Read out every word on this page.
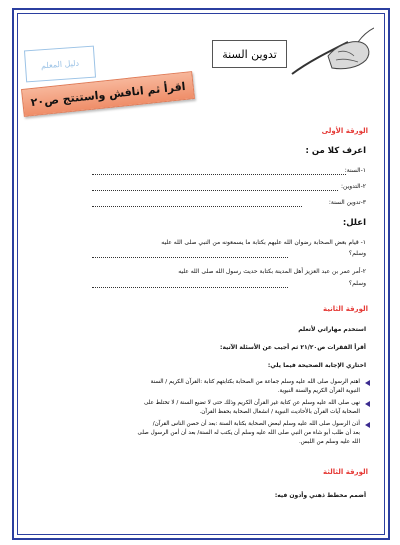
تدوين السنة
دليل المعلم
اقرأ ثم انافش واستنتج ص٢٠
الورقة الأولى
اعرف كلا من :
١-السنة:
٢-التدوين:
٣-تدوين السنة:
اعلل:
١- قيام بعض الصحابة رضوان الله عليهم بكتابة ما يسمعونه من النبي صلى الله عليه
وسلم؟
٢-أمر عمر بن عبد العزيز أهل المدينة بكتابة حديث رسول الله صلى الله عليه
وسلم؟
الورقة الثانية
استخدم مهاراتي لأتعلم
أقرأ الفقرات ص٢١/٢٠ ثم أجيب عن الأسئلة الآتية:
اختاري الإجابة الصحيحة فيما يلي:
اهتم الرسول صلى الله عليه وسلم جماعة من الصحابة بكتابتهم كتابة :القرآن الكريم / السنة
النبوية القرآن الكريم والسنة النبوية.
نهى صلى الله عليه وسلم عن كتابة غير القرآن الكريم وذلك حتى لا تضيع السنة / لا تختلط على
الصحابة آيات القرآن بالأحاديث النبوية / انشغال الصحابة بحفظ القرآن.
أذن الرسول صلى الله عليه وسلم لبعض الصحابة بكتابة السنة :بعد أن حصن الناس القرآن/
بعد أن طلب أبو شاة من النبي صلى الله عليه وسلم أن يكتب له السنة/ بعد أن أمن الرسول صلى
الله عليه وسلم من اللبس.
الورقة الثالثة
أضمم مخطط ذهني وأدون فيه:
